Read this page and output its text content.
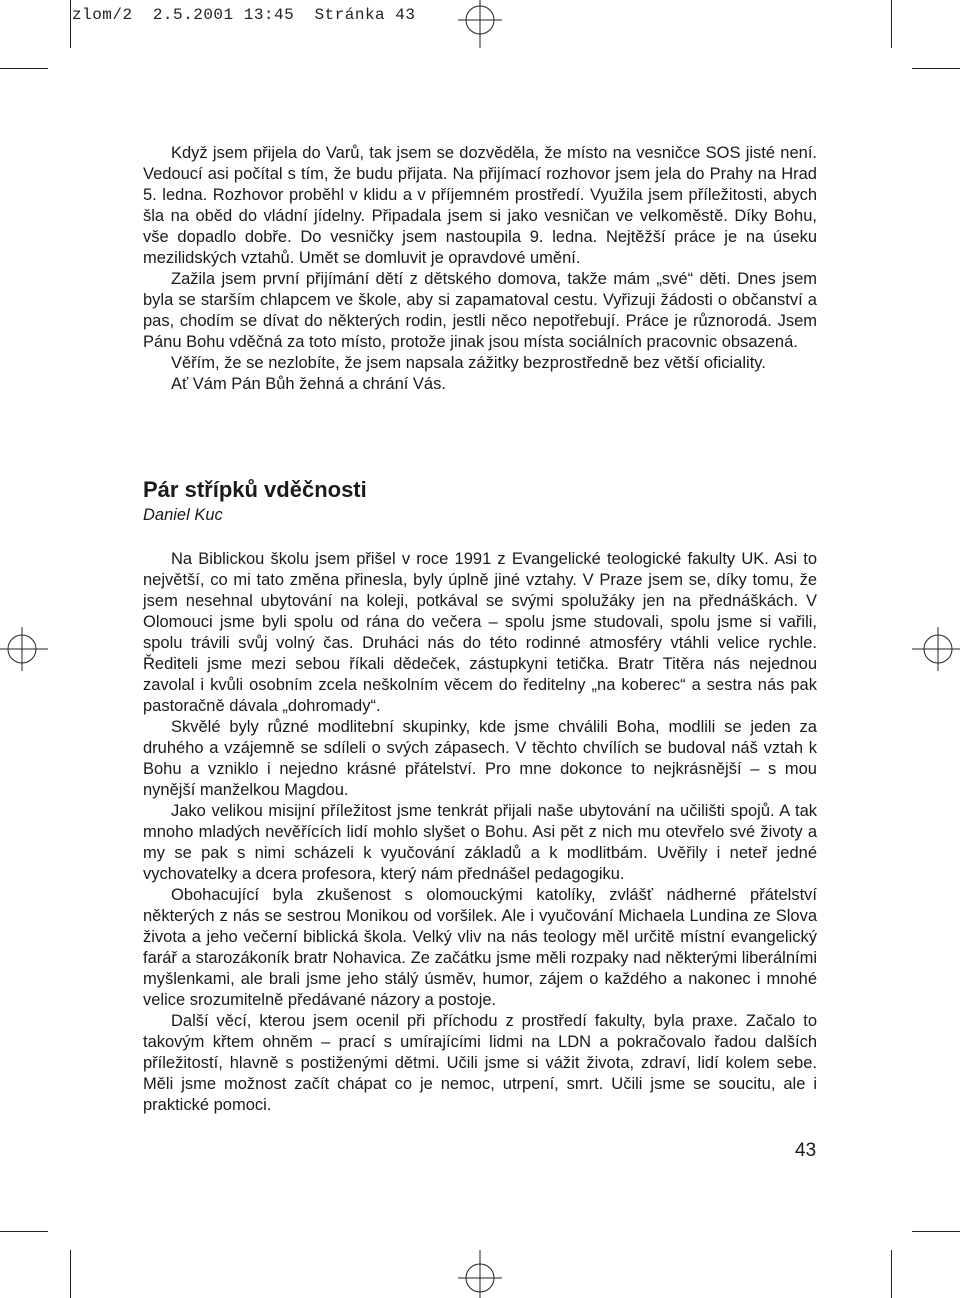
zlom/2  2.5.2001 13:45  Stránka 43

Když jsem přijela do Varů, tak jsem se dozvěděla, že místo na vesničce SOS jisté není. Vedoucí asi počítal s tím, že budu přijata. Na přijímací rozhovor jsem jela do Prahy na Hrad 5. ledna. Rozhovor proběhl v klidu a v příjemném prostředí. Využila jsem příležitosti, abych šla na oběd do vládní jídelny. Připadala jsem si jako vesničan ve velkoměstě. Díky Bohu, vše dopadlo dobře. Do vesničky jsem nastoupila 9. ledna. Nejtěžší práce je na úseku mezilidských vztahů. Umět se domluvit je opravdové umění.

Zažila jsem první přijímání dětí z dětského domova, takže mám „své“ děti. Dnes jsem byla se starším chlapcem ve škole, aby si zapamatoval cestu. Vyřizuji žádosti o občanství a pas, chodím se dívat do některých rodin, jestli něco nepotřebují. Práce je různorodá. Jsem Pánu Bohu vděčná za toto místo, protože jinak jsou místa sociálních pracovnic obsazená.

Věřím, že se nezlobíte, že jsem napsala zážitky bezprostředně bez větší oficiality.

Ať Vám Pán Bůh žehná a chrání Vás.

Pár střípků vděčnosti
Daniel Kuc

Na Biblickou školu jsem přišel v roce 1991 z Evangelické teologické fakulty UK. Asi to největší, co mi tato změna přinesla, byly úplně jiné vztahy. V Praze jsem se, díky tomu, že jsem nesehnal ubytování na koleji, potkával se svými spolužáky jen na přednáškách. V Olomouci jsme byli spolu od rána do večera – spolu jsme studovali, spolu jsme si vařili, spolu trávili svůj volný čas. Druháci nás do této rodinné atmosféry vtáhli velice rychle. Řediteli jsme mezi sebou říkali dědeček, zástupkyni tetička. Bratr Titěra nás nejednou zavolal i kvůli osobním zcela neškolním věcem do ředitelny „na koberec“ a sestra nás pak pastoračně dávala „dohromady“.

Skvělé byly různé modlitební skupinky, kde jsme chválili Boha, modlili se jeden za druhého a vzájemně se sdíleli o svých zápasech. V těchto chvílích se budoval náš vztah k Bohu a vzniklo i nejedno krásné přátelství. Pro mne dokonce to nejkrásnější – s mou nynější manželkou Magdou.

Jako velikou misijní příležitost jsme tenkrát přijali naše ubytování na učilišti spojů. A tak mnoho mladých nevěřících lidí mohlo slyšet o Bohu. Asi pět z nich mu otevřelo své životy a my se pak s nimi scházeli k vyučování základů a k modlitbám. Uvěřily i neteř jedné vychovatelky a dcera profesora, který nám přednášel pedagogiku.

Obohacující byla zkušenost s olomouckými katolíky, zvlášť nádherné přátelství některých z nás se sestrou Monikou od voršilek. Ale i vyučování Michaela Lundina ze Slova života a jeho večerní biblická škola. Velký vliv na nás teology měl určitě místní evangelický farář a starozákoník bratr Nohavica. Ze začátku jsme měli rozpaky nad některými liberálními myšlenkami, ale brali jsme jeho stálý úsměv, humor, zájem o každého a nakonec i mnohé velice srozumitelně předávané názory a postoje.

Další věcí, kterou jsem ocenil při příchodu z prostředí fakulty, byla praxe. Začalo to takovým křtem ohněm – prací s umírajícími lidmi na LDN a pokračovalo řadou dalších příležitostí, hlavně s postiženými dětmi. Učili jsme si vážit života, zdraví, lidí kolem sebe. Měli jsme možnost začít chápat co je nemoc, utrpení, smrt. Učili jsme se soucitu, ale i praktické pomoci.

43
